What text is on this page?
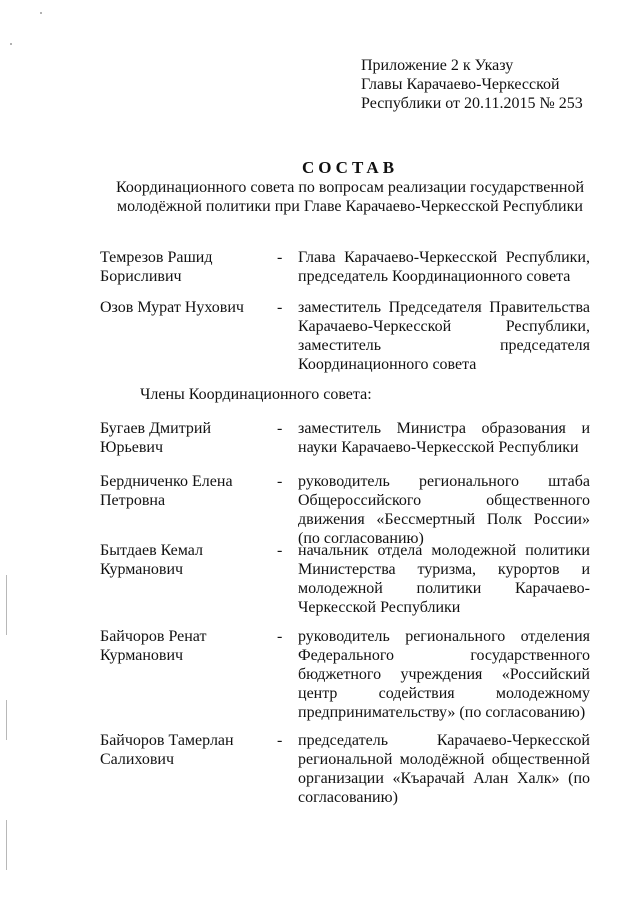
Приложение 2 к Указу
Главы Карачаево-Черкесской
Республики от 20.11.2015 № 253
СОСТАВ
Координационного совета по вопросам реализации государственной
молодёжной политики при Главе Карачаево-Черкесской Республики
Темрезов Рашид Борисливич
- Глава Карачаево-Черкесской Республики, председатель Координационного совета
Озов Мурат Нухович	- заместитель Председателя Правительства Карачаево-Черкесской Республики, заместитель председателя Координационного совета
Члены Координационного совета:
Бугаев Дмитрий Юрьевич
- заместитель Министра образования и науки Карачаево-Черкесской Республики
Бердниченко Елена Петровна
- руководитель регионального штаба Общероссийского общественного движения «Бессмертный Полк России» (по согласованию)
Бытдаев Кемал Курманович
- начальник отдела молодежной политики Министерства туризма, курортов и молодежной политики Карачаево-Черкесской Республики
Байчоров Ренат Курманович
- руководитель регионального отделения Федерального государственного бюджетного учреждения «Российский центр содействия молодежному предпринимательству» (по согласованию)
Байчоров Тамерлан Салихович
- председатель Карачаево-Черкесской региональной молодёжной общественной организации «Къарачай Алан Халк» (по согласованию)
